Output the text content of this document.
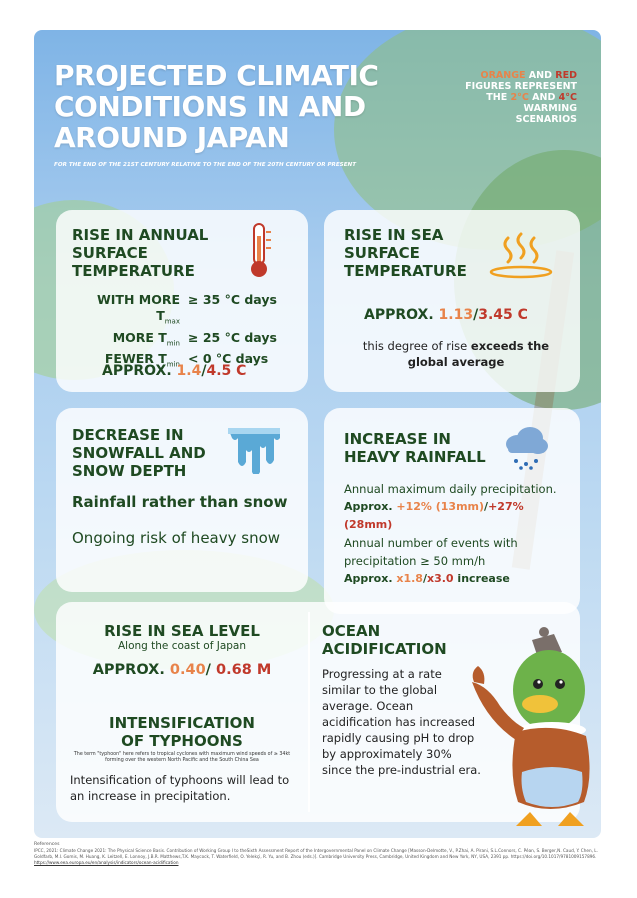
PROJECTED CLIMATIC
CONDITIONS IN AND
AROUND JAPAN
FOR THE END OF THE 21ST CENTURY RELATIVE TO THE END OF THE 20TH CENTURY OR PRESENT
ORANGE AND RED
FIGURES REPRESENT
THE 2°C AND 4°C
WARMING
SCENARIOS
RISE IN ANNUAL
SURFACE
TEMPERATURE
WITH MORE $T_{max}$
≥ 35 °C days
MORE $T_{min} \ge 25$ °C days
FEWER $T_{min} < 0$ °C days
APPROX. 1.4/4.5 C
RISE IN SEA
SURFACE
TEMPERATURE
APPROX. 1.13/3.45 C
this degree of rise exceeds the global average
DECREASE IN
SNOWFALL AND
SNOW DEPTH
Rainfall rather than snow
Ongoing risk of heavy snow
INCREASE IN
HEAVY RAINFALL
Annual maximum daily precipitation.
Approx. +12% (13mm)/+27% (28mm)
Annual number of events with precipitation ≥ 50 mm/h
Approx. x1.8/x3.0 increase
RISE IN SEA LEVEL
Along the coast of Japan
APPROX. 0.40/ 0.68 M
INTENSIFICATION
OF TYPHOONS
The term "typhoon" here refers to tropical cyclones with maximum wind speeds of ≥ 34kt forming over the western North Pacific and the South China Sea
Intensification of typhoons will lead to an increase in precipitation.
OCEAN
ACIDIFICATION
Progressing at a rate similar to the global average. Ocean acidification has increased rapidly causing pH to drop by approximately 30% since the pre-industrial era.
References
IPCC, 2021: Climate Change 2021: The Physical Science Basis. Contribution of Working Group I to theSixth Assessment Report of the Intergovernmental Panel on Climate Change [Masson-Delmotte, V., P.Zhai, A. Pirani, S.L.Connors, C. Péan, S. Berger,N. Caud, Y. Chen, L. Goldfarb, M.I. Gomis, M. Huang, K. Leitzell, E. Lonnoy, J.B.R. Matthews,T.K. Maycock, T. Waterfield, O. Yelekçi, R. Yu, and B. Zhou (eds.)]. Cambridge University Press, Cambridge, United Kingdom and New York, NY, USA, 2391 pp. https://doi.org/10.1017/9781009157896.
https://www.eea.europa.eu/en/analysis/indicators/ocean-acidification
